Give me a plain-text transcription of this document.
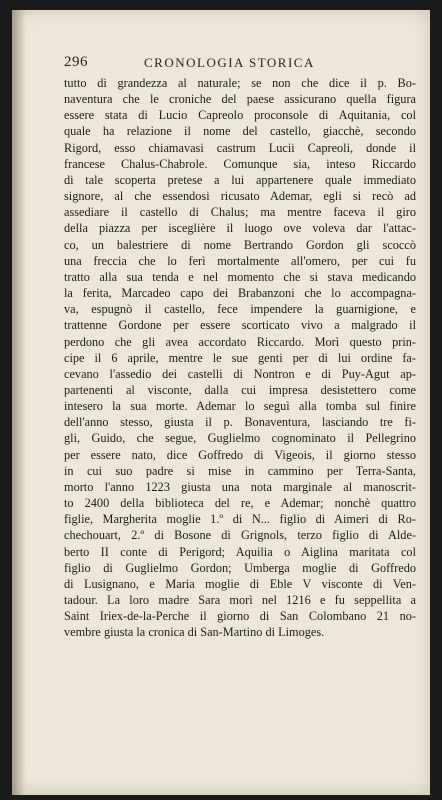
296	CRONOLOGIA STORICA
tutto di grandezza al naturale; se non che dice il p. Bo-
naventura che le croniche del paese assicurano quella figura
essere stata di Lucio Capreolo proconsole di Aquitania, col
quale ha relazione il nome del castello, giacchè, secondo
Rigord, esso chiamavasi castrum Lucii Capreoli, donde il
francese Chalus-Chabrole. Comunque sia, inteso Riccardo
di tale scoperta pretese a lui appartenere quale immediato
signore, al che essendosi ricusato Ademar, egli si recò ad
assediare il castello di Chalus; ma mentre faceva il giro
della piazza per isceglière il luogo ove voleva dar l'attac-
co, un balestriere di nome Bertrando Gordon gli scoccò
una freccia che lo ferì mortalmente all'omero, per cui fu
tratto alla sua tenda e nel momento che si stava medicando
la ferita, Marcadeo capo dei Brabanzoni che lo accompagna-
va, espugnò il castello, fece impendere la guarnigione, e
trattenne Gordone per essere scorticato vivo a malgrado il
perdono che gli avea accordato Riccardo. Morì questo prin-
cipe il 6 aprile, mentre le sue genti per di lui ordine fa-
cevano l'assedio dei castelli di Nontron e di Puy-Agut ap-
partenenti al visconte, dalla cui impresa desistettero come
intesero la sua morte. Ademar lo seguì alla tomba sul finire
dell'anno stesso, giusta il p. Bonaventura, lasciando tre fi-
gli, Guido, che segue, Guglielmo cognominato il Pellegrino
per essere nato, dice Goffredo di Vigeois, il giorno stesso
in cui suo padre si mise in cammino per Terra-Santa,
morto l'anno 1223 giusta una nota marginale al manoscrit-
to 2400 della biblioteca del re, e Ademar; nonchè quattro
figlie, Margherita moglie 1.º di N... figlio di Aimeri di Ro-
chechouart, 2.º di Bosone di Grignols, terzo figlio di Alde-
berto II conte di Perigord; Aquilia o Aiglina maritata col
figlio di Guglielmo Gordon; Umberga moglie di Goffredo
di Lusignano, e Maria moglie di Eble V visconte di Ven-
tadour. La loro madre Sara morì nel 1216 e fu seppellita a
Saint Iriex-de-la-Perche il giorno di San Colombano 21 no-
vembre giusta la cronica di San-Martino di Limoges.
